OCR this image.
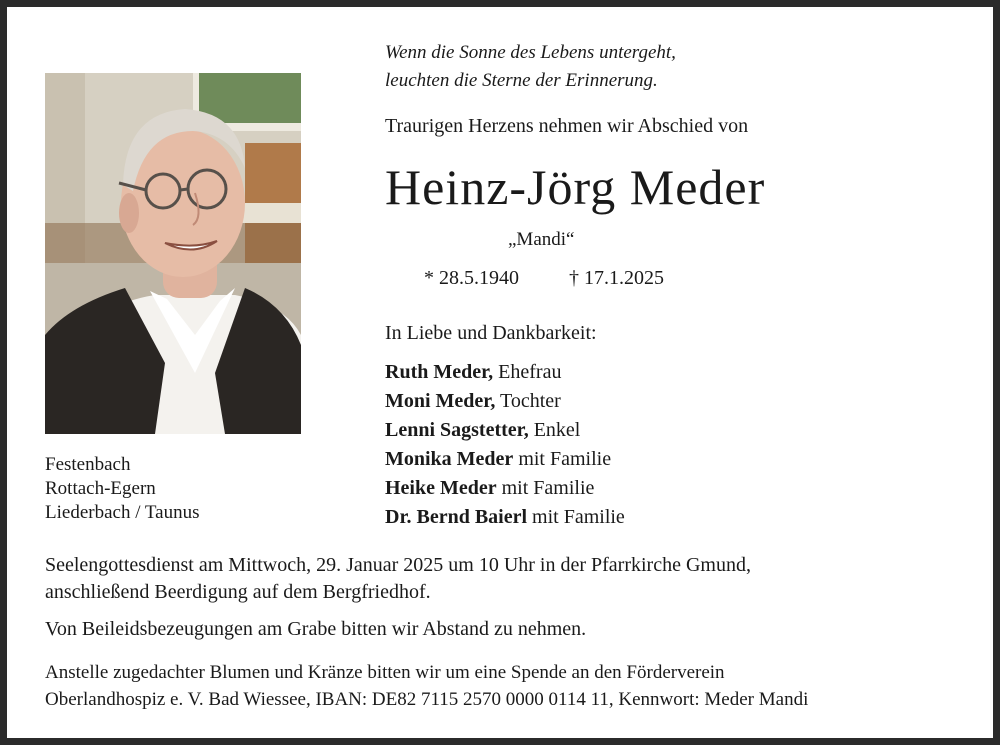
Wenn die Sonne des Lebens untergeht,
leuchten die Sterne der Erinnerung.
Traurigen Herzens nehmen wir Abschied von
Heinz-Jörg Meder
„Mandi“
* 28.5.1940	† 17.1.2025
Festenbach
Rottach-Egern
Liederbach / Taunus
In Liebe und Dankbarkeit:
Ruth Meder, Ehefrau
Moni Meder, Tochter
Lenni Sagstetter, Enkel
Monika Meder mit Familie
Heike Meder mit Familie
Dr. Bernd Baierl mit Familie
Seelengottesdienst am Mittwoch, 29. Januar 2025 um 10 Uhr in der Pfarrkirche Gmund,
anschließend Beerdigung auf dem Bergfriedhof.
Von Beileidsbezeugungen am Grabe bitten wir Abstand zu nehmen.
Anstelle zugedachter Blumen und Kränze bitten wir um eine Spende an den Förderverein
Oberlandhospiz e. V. Bad Wiessee, IBAN: DE82 7115 2570 0000 0114 11, Kennwort: Meder Mandi
